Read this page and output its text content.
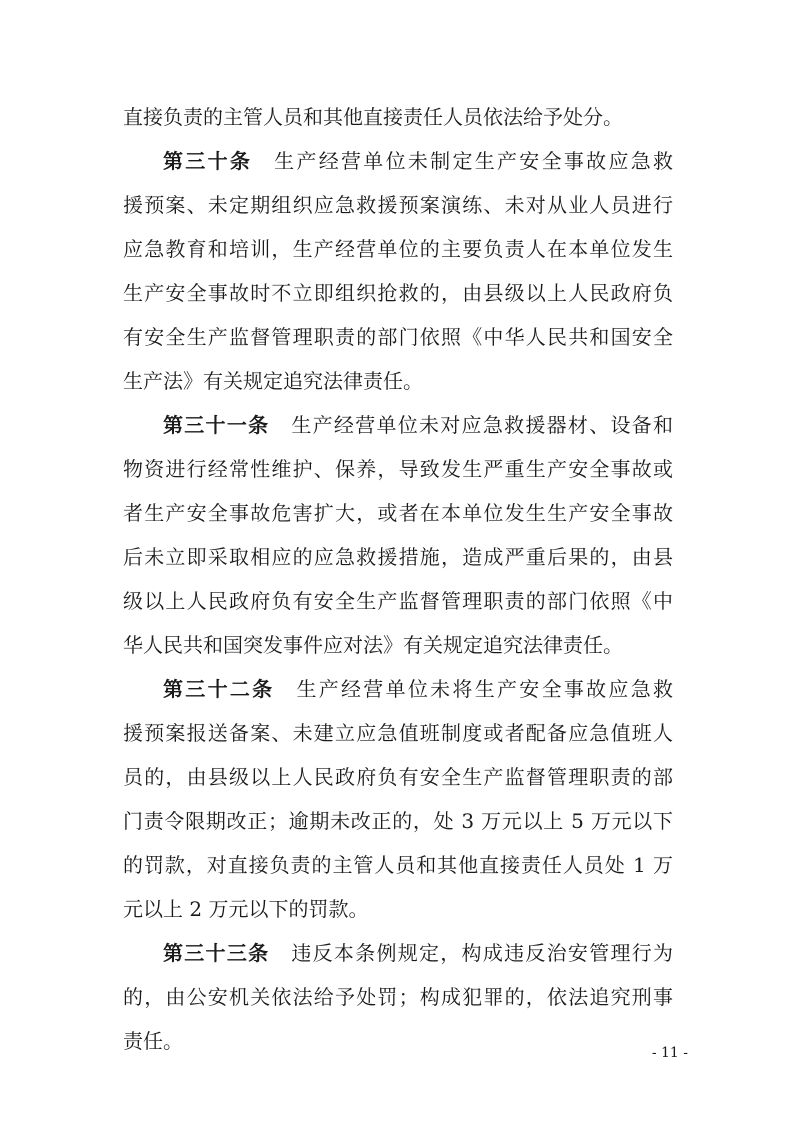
直接负责的主管人员和其他直接责任人员依法给予处分。
第三十条 生产经营单位未制定生产安全事故应急救
援预案、未定期组织应急救援预案演练、未对从业人员进行
应急教育和培训，生产经营单位的主要负责人在本单位发生
生产安全事故时不立即组织抢救的，由县级以上人民政府负
有安全生产监督管理职责的部门依照《中华人民共和国安全
生产法》有关规定追究法律责任。
第三十一条 生产经营单位未对应急救援器材、设备和
物资进行经常性维护、保养，导致发生严重生产安全事故或
者生产安全事故危害扩大，或者在本单位发生生产安全事故
后未立即采取相应的应急救援措施，造成严重后果的，由县
级以上人民政府负有安全生产监督管理职责的部门依照《中
华人民共和国突发事件应对法》有关规定追究法律责任。
第三十二条 生产经营单位未将生产安全事故应急救
援预案报送备案、未建立应急值班制度或者配备应急值班人
员的，由县级以上人民政府负有安全生产监督管理职责的部
门责令限期改正；逾期未改正的，处 3 万元以上 5 万元以下
的罚款，对直接负责的主管人员和其他直接责任人员处 1 万
元以上 2 万元以下的罚款。
第三十三条 违反本条例规定，构成违反治安管理行为
的，由公安机关依法给予处罚；构成犯罪的，依法追究刑事
责任。	- 11 -
